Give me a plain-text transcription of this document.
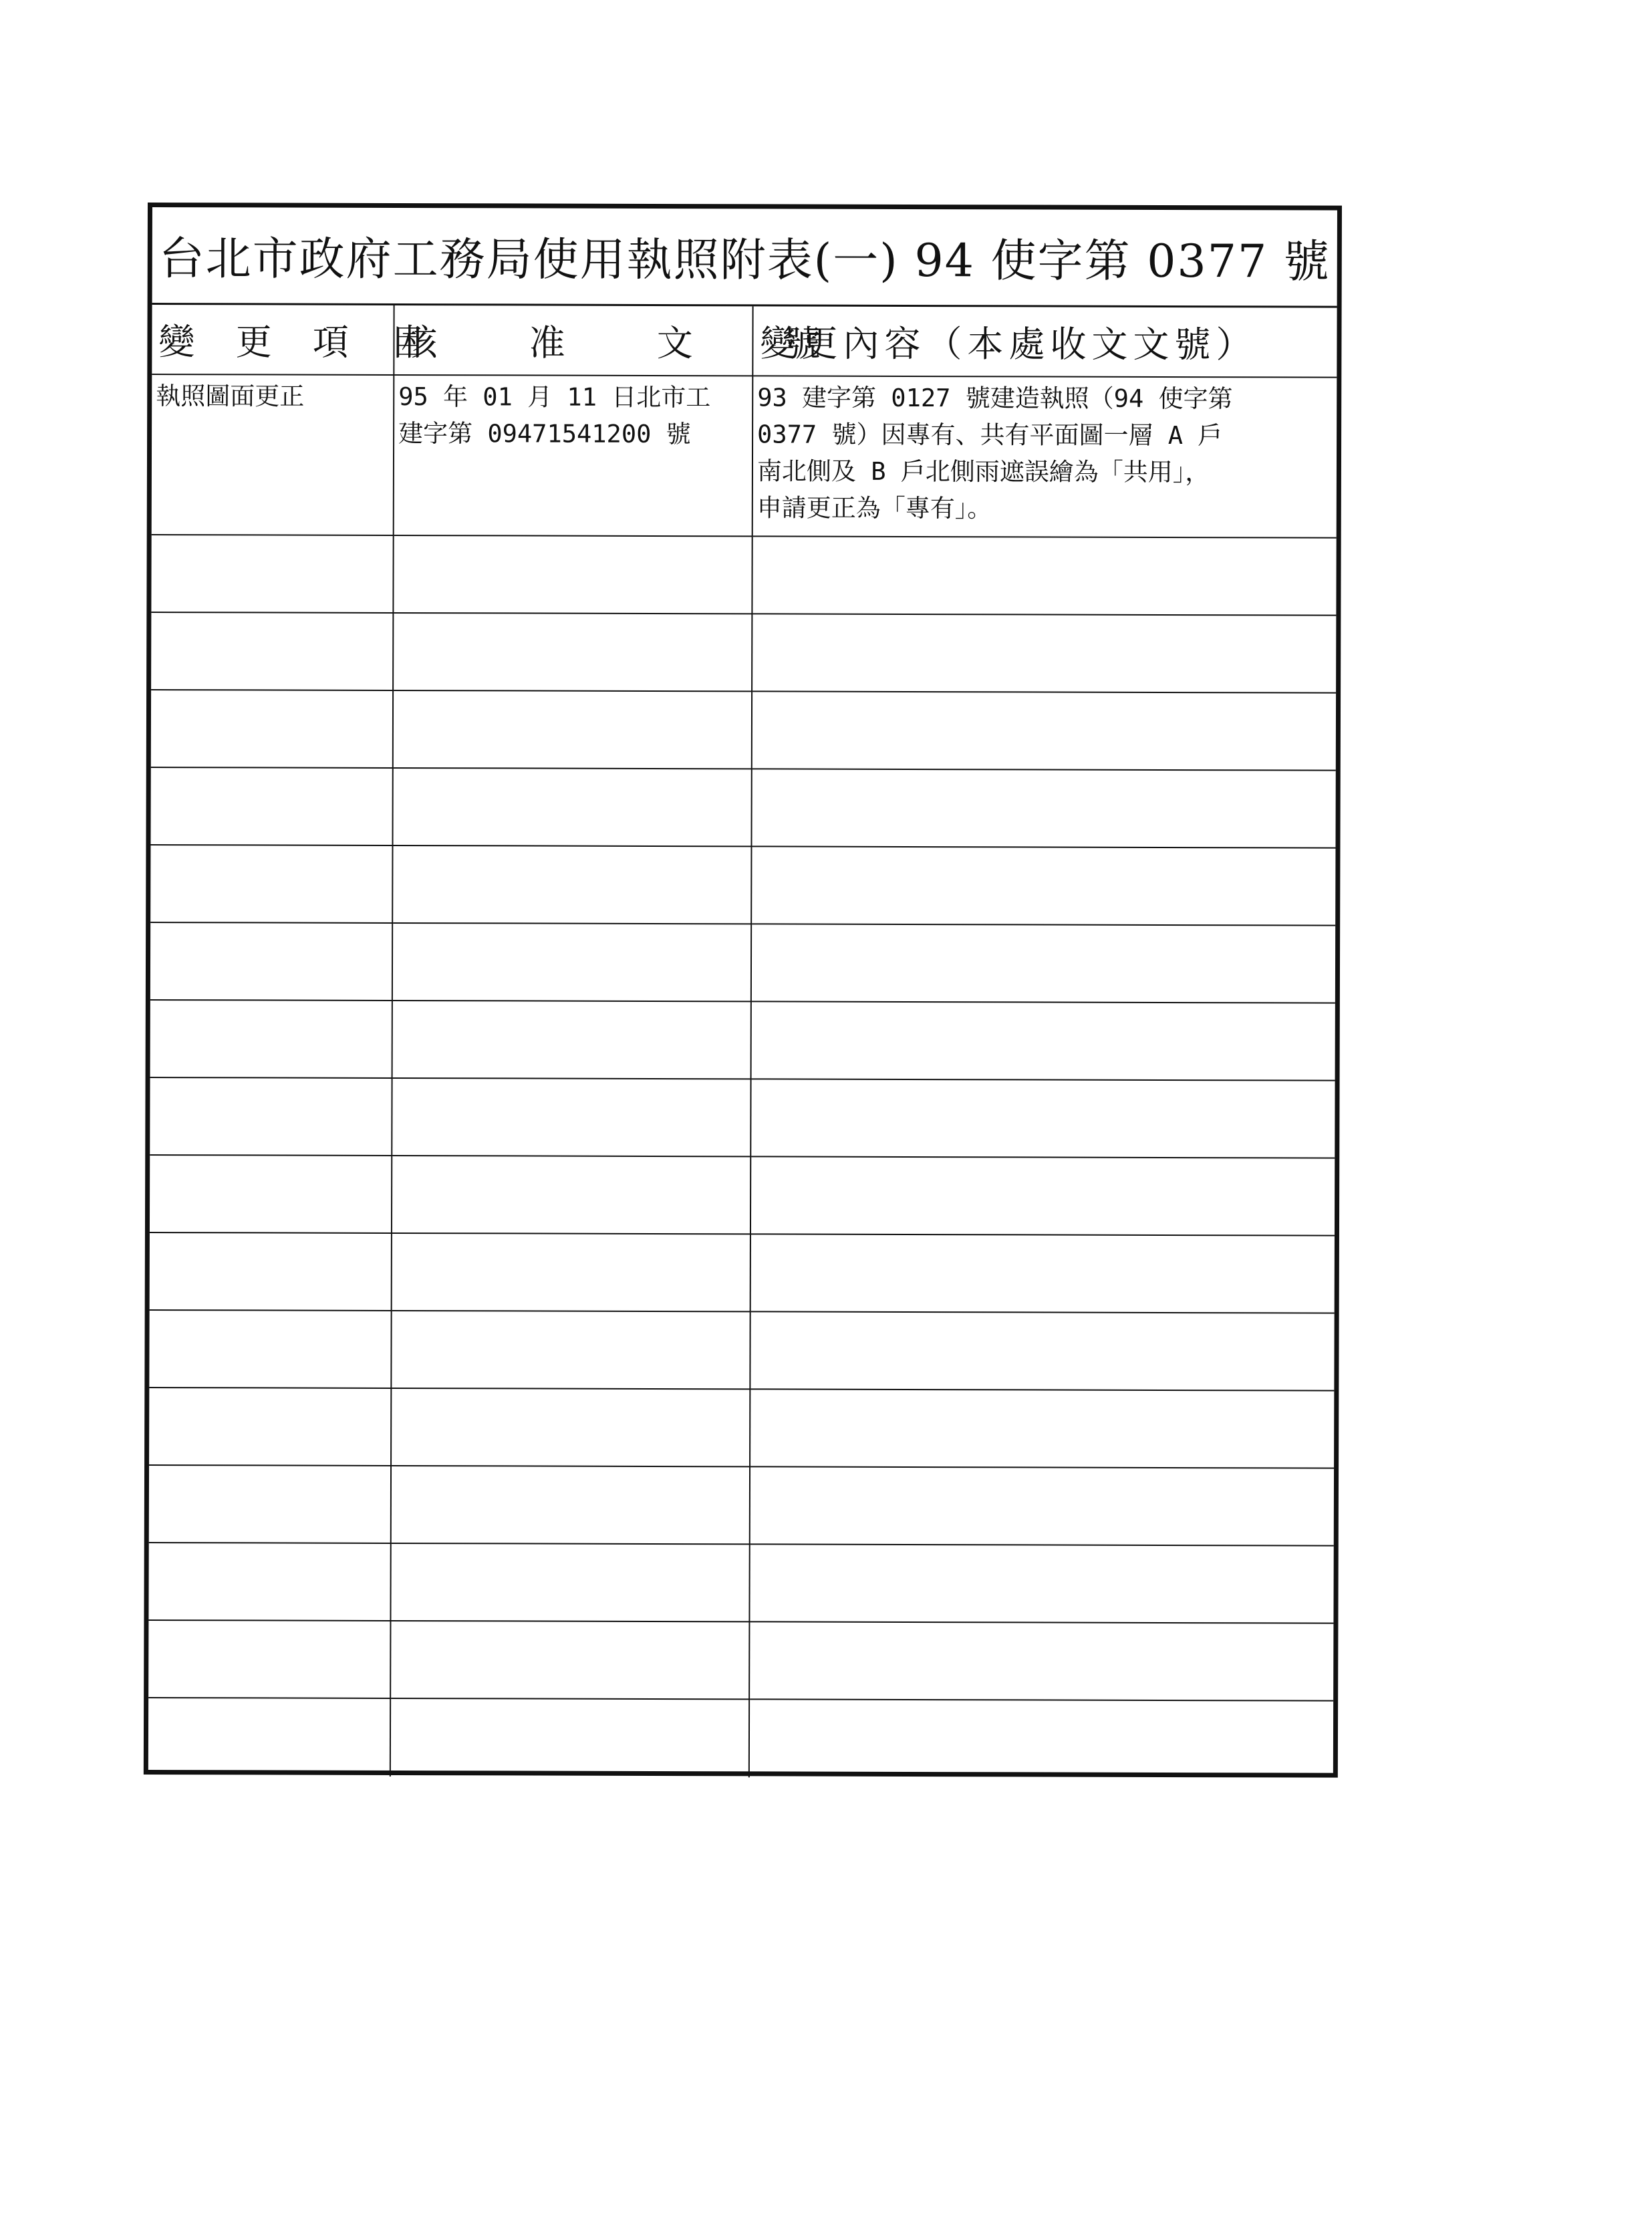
台北市政府工務局使用執照附表(一) 94 使字第 0377 號
變 更 項 目
核 准 文 號
變更內容（本處收文文號）
執照圖面更正	95 年 01 月 11 日北市工
建字第 09471541200 號
93 建字第 0127 號建造執照（94 使字第
0377 號）因專有、共有平面圖一層 A 戶
南北側及 B 戶北側雨遮誤繪為「共用」，
申請更正為「專有」。
